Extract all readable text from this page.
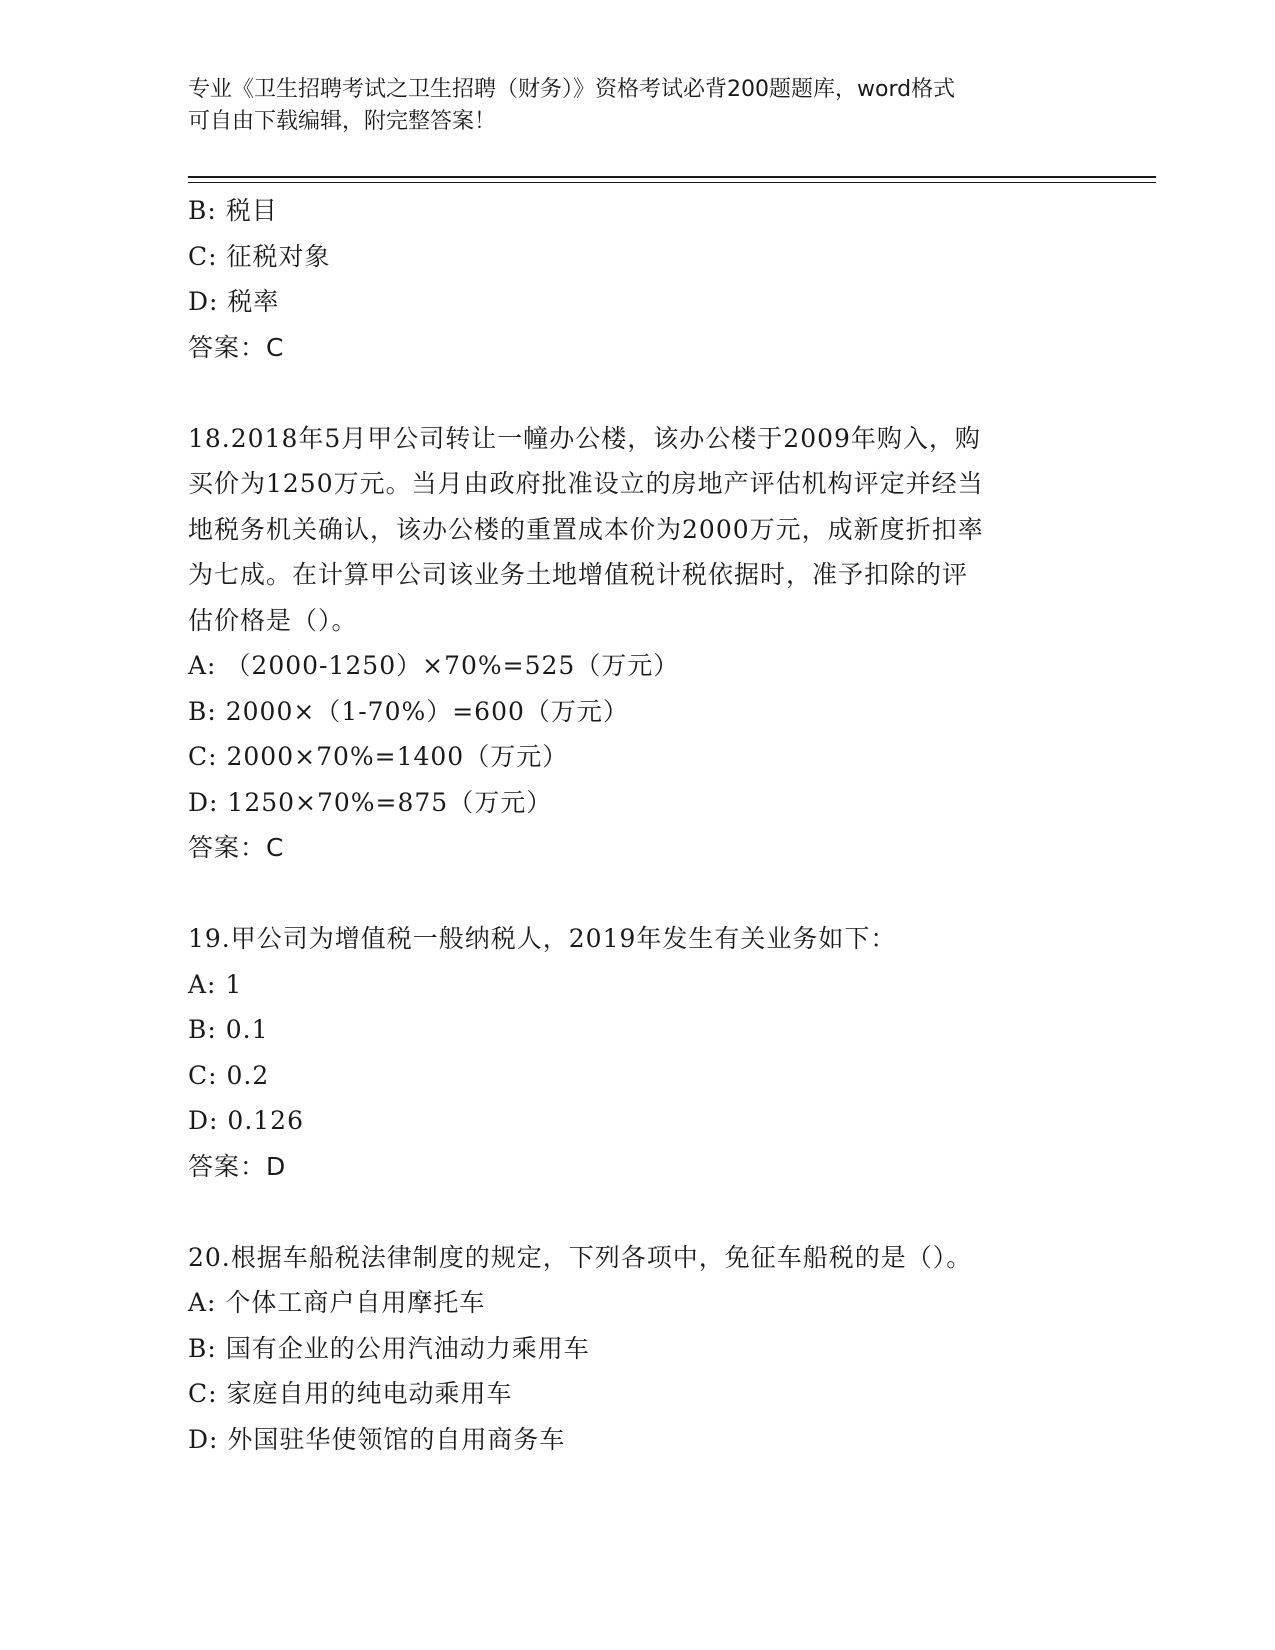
专业《卫生招聘考试之卫生招聘（财务）》资格考试必背200题题库，word格式
可自由下载编辑，附完整答案！
B: 税目
C: 征税对象
D: 税率
答案：C
18.2018年5月甲公司转让一幢办公楼，该办公楼于2009年购入，购
买价为1250万元。当月由政府批准设立的房地产评估机构评定并经当
地税务机关确认，该办公楼的重置成本价为2000万元，成新度折扣率
为七成。在计算甲公司该业务土地增值税计税依据时，准予扣除的评
估价格是（）。
A: （2000-1250）×70%=525（万元）
B: 2000×（1-70%）=600（万元）
C: 2000×70%=1400（万元）
D: 1250×70%=875（万元）
答案：C
19.甲公司为增值税一般纳税人，2019年发生有关业务如下：
A: 1
B: 0.1
C: 0.2
D: 0.126
答案：D
20.根据车船税法律制度的规定，下列各项中，免征车船税的是（）。
A: 个体工商户自用摩托车
B: 国有企业的公用汽油动力乘用车
C: 家庭自用的纯电动乘用车
D: 外国驻华使领馆的自用商务车
